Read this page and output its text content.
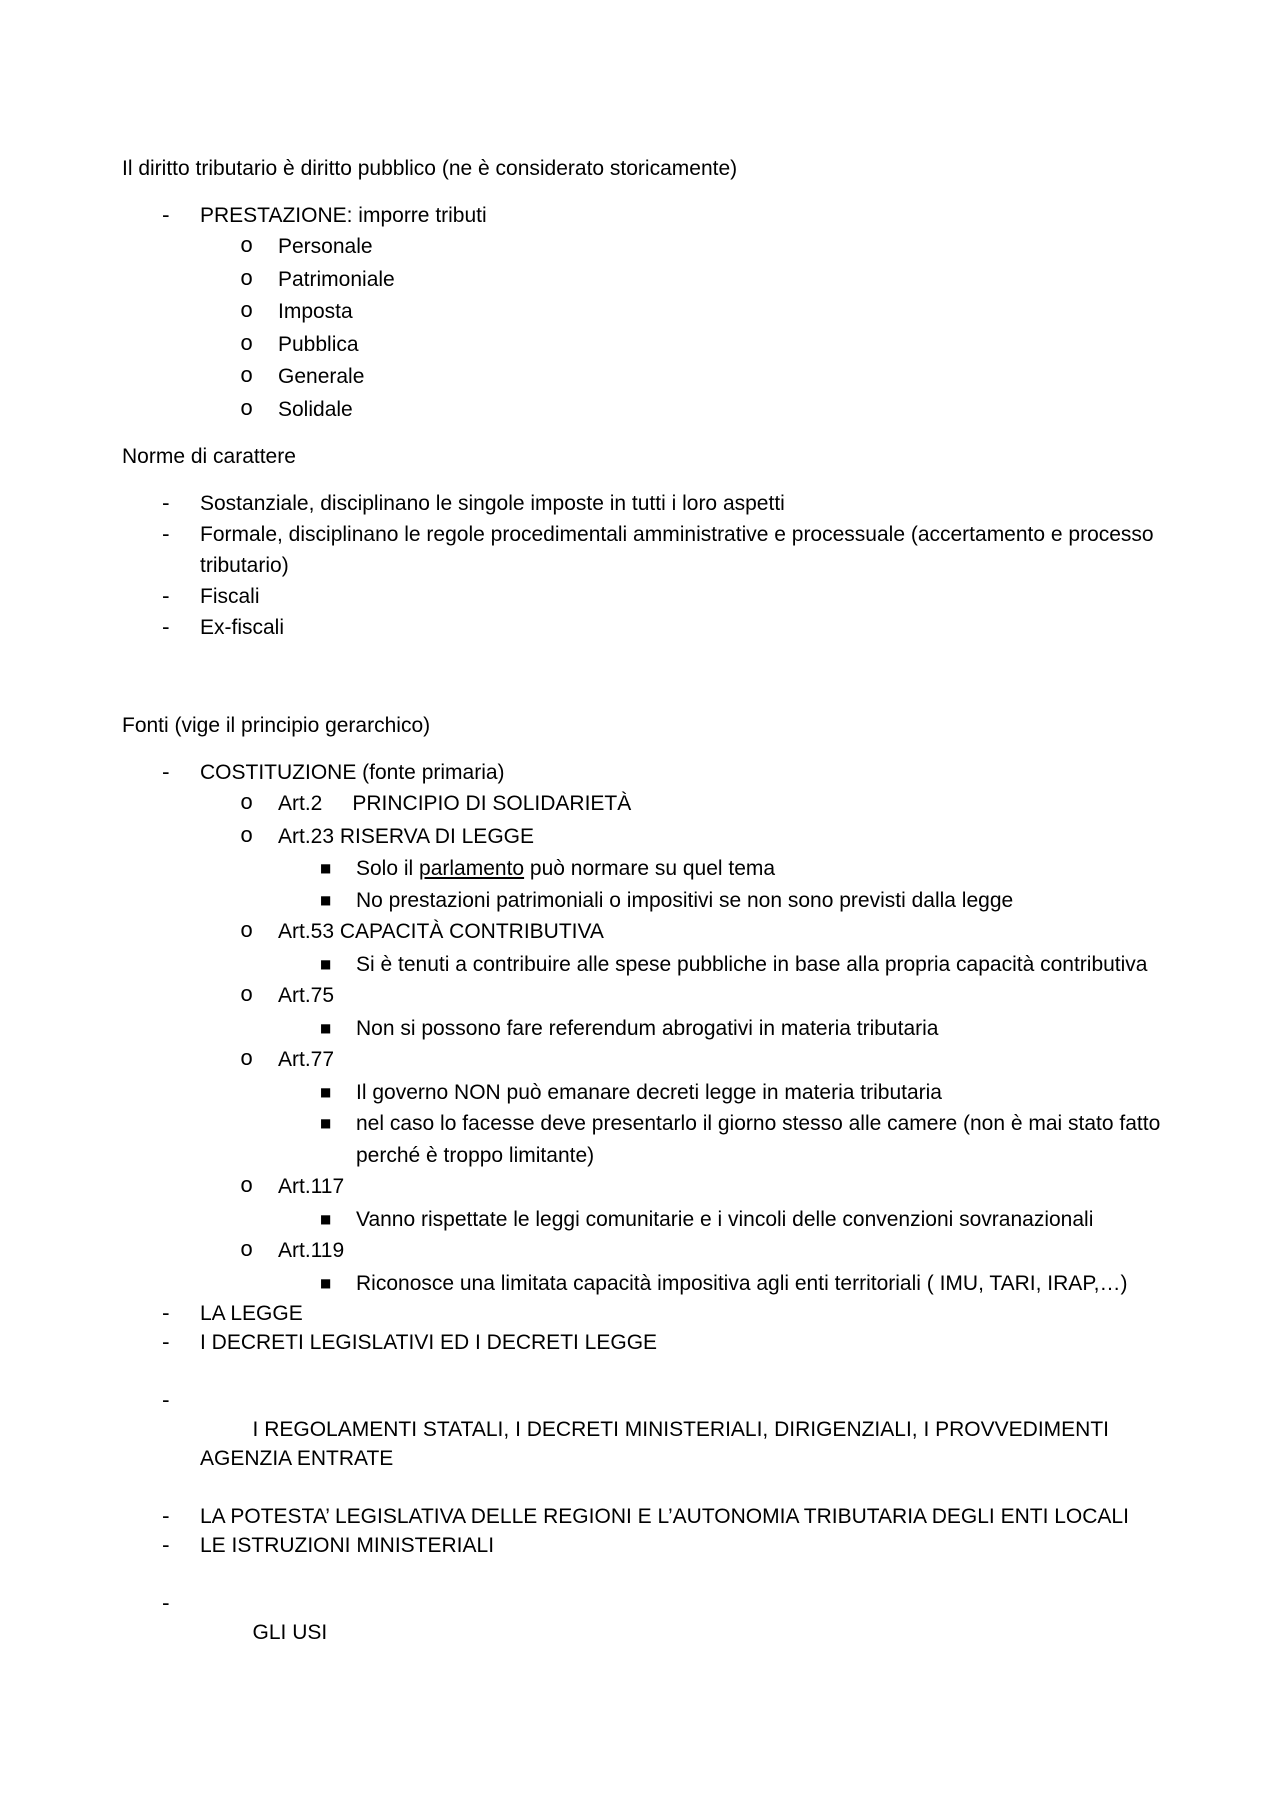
Il diritto tributario è diritto pubblico (ne è considerato storicamente)

- PRESTAZIONE: imporre tributi
o Personale
o Patrimoniale
o Imposta
o Pubblica
o Generale
o Solidale

Norme di carattere

- Sostanziale, disciplinano le singole imposte in tutti i loro aspetti
- Formale, disciplinano le regole procedimentali amministrative e processuale (accertamento e processo tributario)
- Fiscali
- Ex-fiscali

Fonti (vige il principio gerarchico)

- COSTITUZIONE (fonte primaria)
o Art.2 PRINCIPIO DI SOLIDARIETÀ
o Art.23 RISERVA DI LEGGE
■ Solo il parlamento può normare su quel tema
■ No prestazioni patrimoniali o impositivi se non sono previsti dalla legge
o Art.53 CAPACITÀ CONTRIBUTIVA
■ Si è tenuti a contribuire alle spese pubbliche in base alla propria capacità contributiva
o Art.75
■ Non si possono fare referendum abrogativi in materia tributaria
o Art.77
■ Il governo NON può emanare decreti legge in materia tributaria
■ nel caso lo facesse deve presentarlo il giorno stesso alle camere (non è mai stato fatto perché è troppo limitante)
o Art.117
■ Vanno rispettate le leggi comunitarie e i vincoli delle convenzioni sovranazionali
o Art.119
■ Riconosce una limitata capacità impositiva agli enti territoriali ( IMU, TARI, IRAP,…)
- LA LEGGE
- I DECRETI LEGISLATIVI ED I DECRETI LEGGE

-

I REGOLAMENTI STATALI, I DECRETI MINISTERIALI, DIRIGENZIALI, I PROVVEDIMENTI AGENZIA ENTRATE

- LA POTESTA’ LEGISLATIVA DELLE REGIONI E L’AUTONOMIA TRIBUTARIA DEGLI ENTI LOCALI
- LE ISTRUZIONI MINISTERIALI

-

GLI USI
